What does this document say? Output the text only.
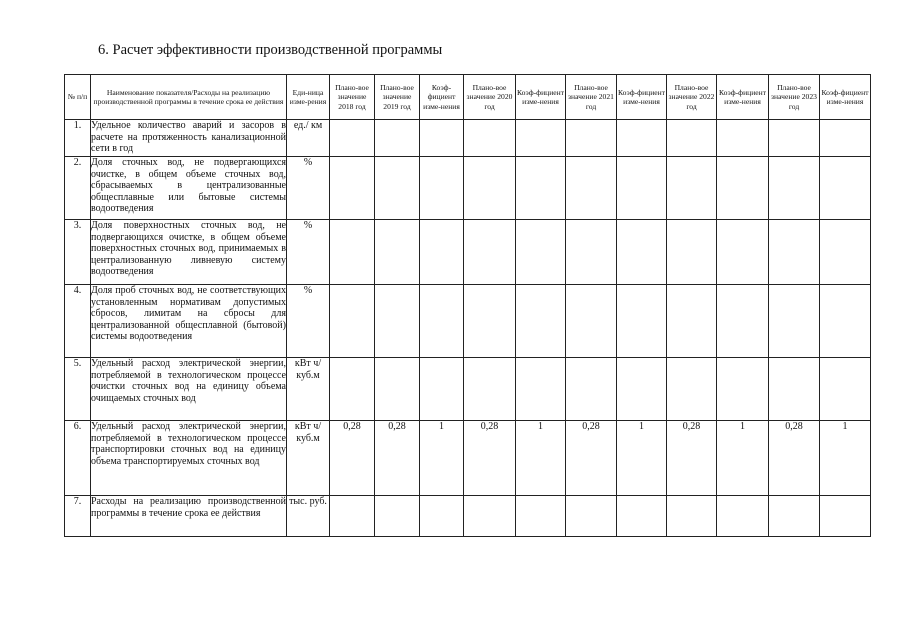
6. Расчет эффективности производственной программы
№ п/п	Наименование показателя/Расходы на реализацию производственной программы в течение срока ее действия	Еди-ница изме-рения	Плано-вое значение 2018 год	Плано-вое значение 2019 год	Коэф-фициент изме-нения	Плано-вое значение 2020 год	Коэф-фициент изме-нения	Плано-вое значение 2021 год	Коэф-фициент изме-нения	Плано-вое значение 2022 год	Коэф-фициент изме-нения	Плано-вое значение 2023 год	Коэф-фициент изме-нения
1.	Удельное количество аварий и засоров в расчете на протяженность канализационной сети в год	ед./ км											
2.	Доля сточных вод, не подвергающихся очистке, в общем объеме сточных вод, сбрасываемых в централизованные общесплавные или бытовые системы водоотведения	%											
3.	Доля поверхностных сточных вод, не подвергающихся очистке, в общем объеме поверхностных сточных вод, принимаемых в централизованную ливневую систему водоотведения	%											
4.	Доля проб сточных вод, не соответствующих установленным нормативам допустимых сбросов, лимитам на сбросы для централизованной общесплавной (бытовой) системы водоотведения	%											
5.	Удельный расход электрической энергии, потребляемой в технологическом процессе очистки сточных вод на единицу объема очищаемых сточных вод	кВт ч/куб.м											
6.	Удельный расход электрической энергии, потребляемой в технологическом процессе транспортировки сточных вод на единицу объема транспортируемых сточных вод	кВт ч/куб.м	0,28	0,28	1	0,28	1	0,28	1	0,28	1	0,28	1
7.	Расходы на реализацию производственной программы в течение срока ее действия	тыс. руб.											
